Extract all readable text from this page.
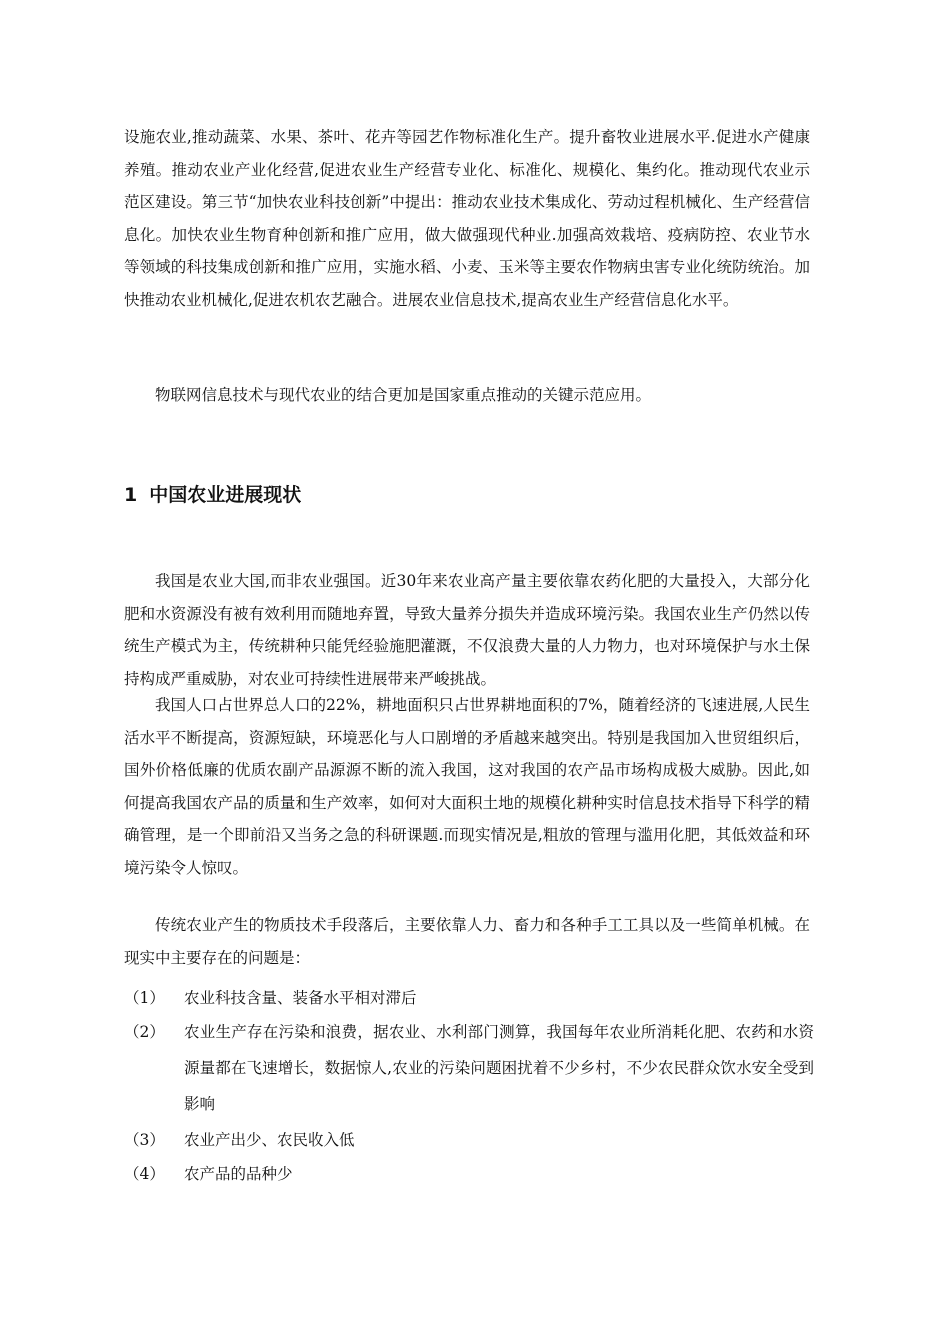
设施农业,推动蔬菜、水果、茶叶、花卉等园艺作物标准化生产。提升畜牧业进展水平.促进水产健康养殖。推动农业产业化经营,促进农业生产经营专业化、标准化、规模化、集约化。推动现代农业示范区建设。第三节“加快农业科技创新”中提出：推动农业技术集成化、劳动过程机械化、生产经营信息化。加快农业生物育种创新和推广应用，做大做强现代种业.加强高效栽培、疫病防控、农业节水等领域的科技集成创新和推广应用，实施水稻、小麦、玉米等主要农作物病虫害专业化统防统治。加快推动农业机械化,促进农机农艺融合。进展农业信息技术,提高农业生产经营信息化水平。

物联网信息技术与现代农业的结合更加是国家重点推动的关键示范应用。

1 中国农业进展现状

我国是农业大国,而非农业强国。近30年来农业高产量主要依靠农药化肥的大量投入，大部分化肥和水资源没有被有效利用而随地弃置，导致大量养分损失并造成环境污染。我国农业生产仍然以传统生产模式为主，传统耕种只能凭经验施肥灌溉，不仅浪费大量的人力物力，也对环境保护与水土保持构成严重威胁，对农业可持续性进展带来严峻挑战。

我国人口占世界总人口的22%，耕地面积只占世界耕地面积的7%，随着经济的飞速进展,人民生活水平不断提高，资源短缺，环境恶化与人口剧增的矛盾越来越突出。特别是我国加入世贸组织后，国外价格低廉的优质农副产品源源不断的流入我国，这对我国的农产品市场构成极大威胁。因此,如何提高我国农产品的质量和生产效率，如何对大面积土地的规模化耕种实时信息技术指导下科学的精确管理，是一个即前沿又当务之急的科研课题.而现实情况是,粗放的管理与滥用化肥，其低效益和环境污染令人惊叹。

传统农业产生的物质技术手段落后，主要依靠人力、畜力和各种手工工具以及一些简单机械。在现实中主要存在的问题是：

（1）	农业科技含量、装备水平相对滞后
（2）	农业生产存在污染和浪费，据农业、水利部门测算，我国每年农业所消耗化肥、农药和水资源量都在飞速增长，数据惊人,农业的污染问题困扰着不少乡村，不少农民群众饮水安全受到影响
（3）	农业产出少、农民收入低
（4）	农产品的品种少
